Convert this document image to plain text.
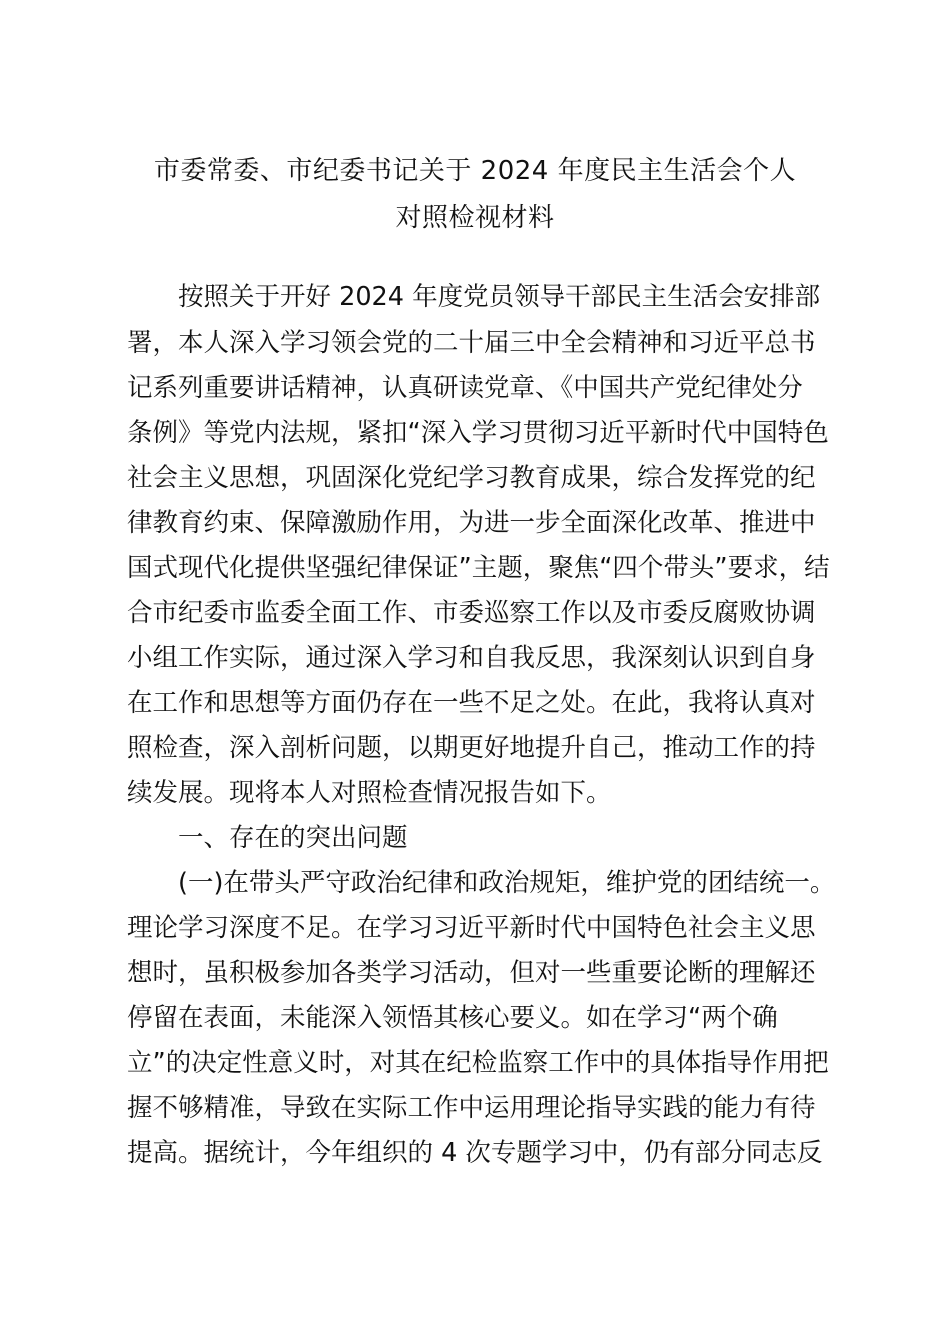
市委常委、市纪委书记关于 2024 年度民主生活会个人
对照检视材料
按照关于开好 2024 年度党员领导干部民主生活会安排部
署，本人深入学习领会党的二十届三中全会精神和习近平总书
记系列重要讲话精神，认真研读党章、《中国共产党纪律处分
条例》等党内法规，紧扣“深入学习贯彻习近平新时代中国特色
社会主义思想，巩固深化党纪学习教育成果，综合发挥党的纪
律教育约束、保障激励作用，为进一步全面深化改革、推进中
国式现代化提供坚强纪律保证”主题，聚焦“四个带头”要求，结
合市纪委市监委全面工作、市委巡察工作以及市委反腐败协调
小组工作实际，通过深入学习和自我反思，我深刻认识到自身
在工作和思想等方面仍存在一些不足之处。在此，我将认真对
照检查，深入剖析问题，以期更好地提升自己，推动工作的持
续发展。现将本人对照检查情况报告如下。
一、存在的突出问题
(一)在带头严守政治纪律和政治规矩，维护党的团结统一。
理论学习深度不足。在学习习近平新时代中国特色社会主义思
想时，虽积极参加各类学习活动，但对一些重要论断的理解还
停留在表面，未能深入领悟其核心要义。如在学习“两个确
立”的决定性意义时，对其在纪检监察工作中的具体指导作用把
握不够精准，导致在实际工作中运用理论指导实践的能力有待
提高。据统计，今年组织的 4 次专题学习中，仍有部分同志反
